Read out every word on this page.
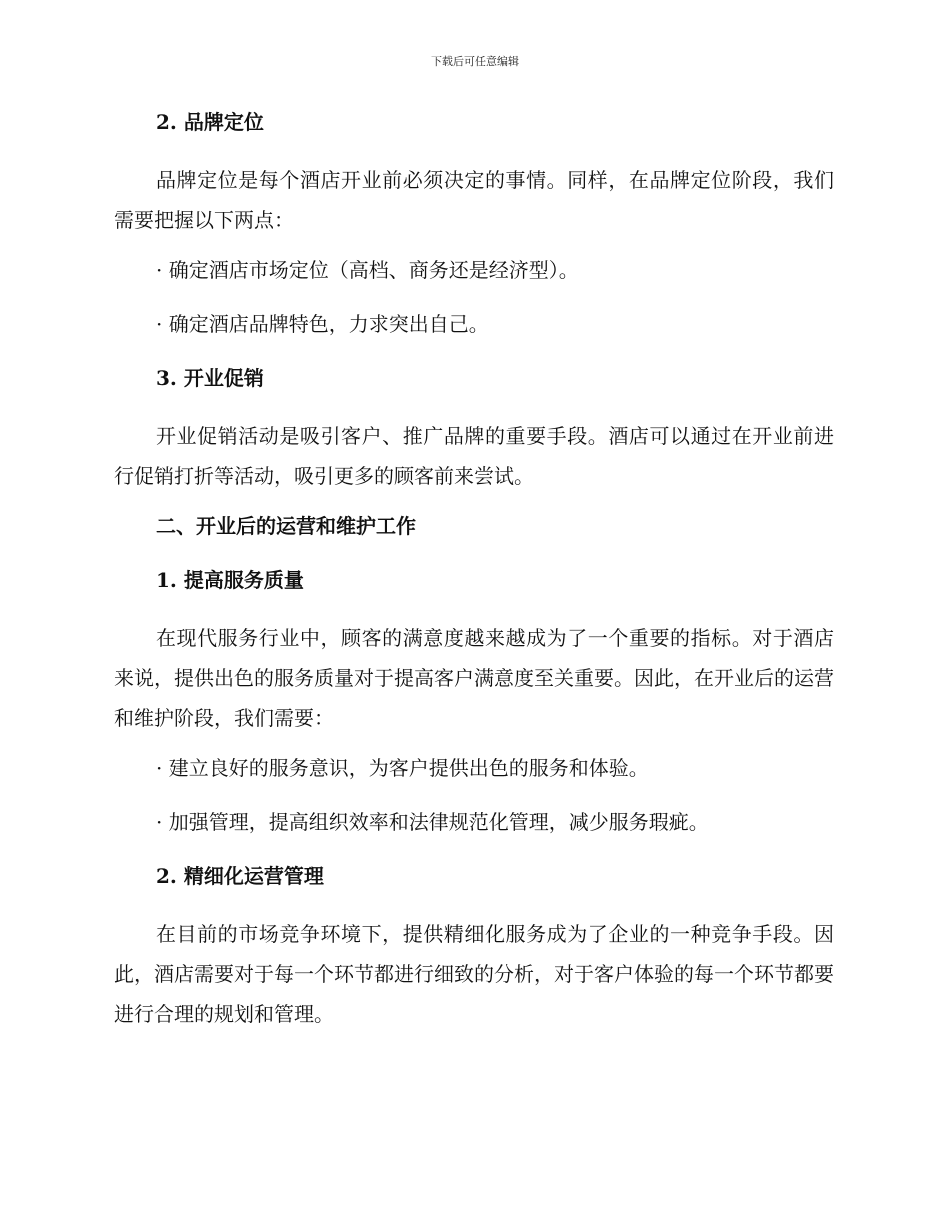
下载后可任意编辑
2. 品牌定位
品牌定位是每个酒店开业前必须决定的事情。同样，在品牌定位阶段，我们需要把握以下两点：
· 确定酒店市场定位（高档、商务还是经济型）。
· 确定酒店品牌特色，力求突出自己。
3. 开业促销
开业促销活动是吸引客户、推广品牌的重要手段。酒店可以通过在开业前进行促销打折等活动，吸引更多的顾客前来尝试。
二、开业后的运营和维护工作
1. 提高服务质量
在现代服务行业中，顾客的满意度越来越成为了一个重要的指标。对于酒店来说，提供出色的服务质量对于提高客户满意度至关重要。因此，在开业后的运营和维护阶段，我们需要：
· 建立良好的服务意识，为客户提供出色的服务和体验。
· 加强管理，提高组织效率和法律规范化管理，减少服务瑕疵。
2. 精细化运营管理
在目前的市场竞争环境下，提供精细化服务成为了企业的一种竞争手段。因此，酒店需要对于每一个环节都进行细致的分析，对于客户体验的每一个环节都要进行合理的规划和管理。
